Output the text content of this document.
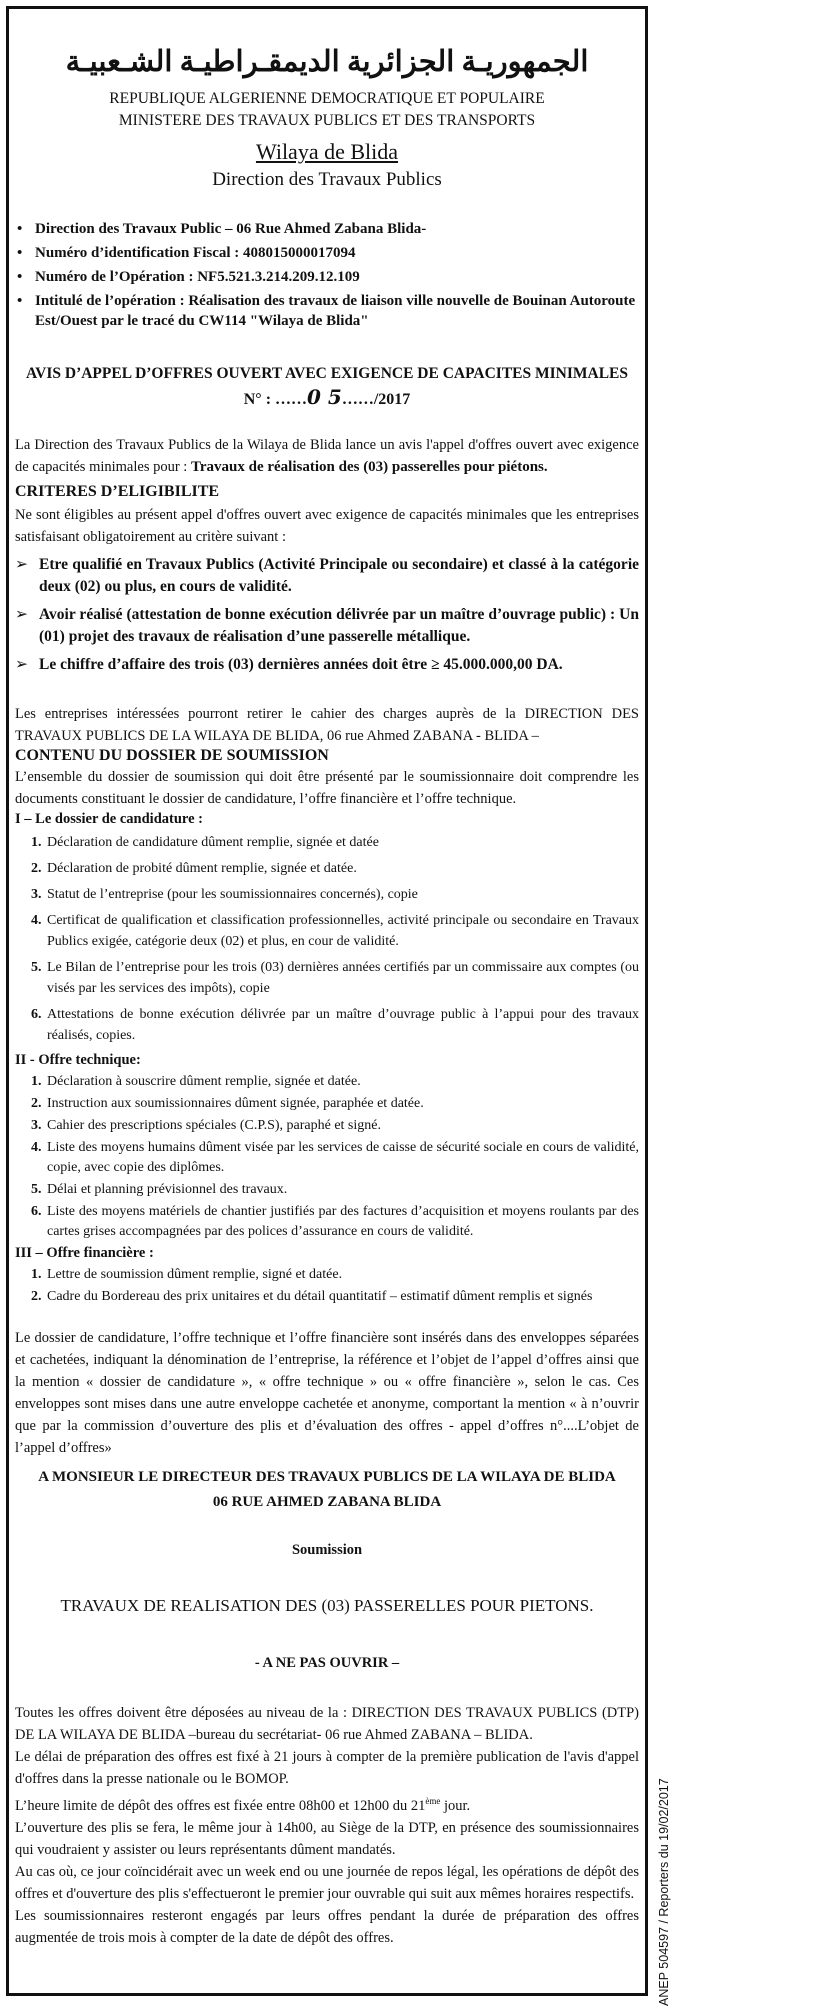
الجمهوريـة الجزائرية الديمقـراطيـة الشـعبيـة
REPUBLIQUE ALGERIENNE DEMOCRATIQUE ET POPULAIRE
MINISTERE DES TRAVAUX PUBLICS ET DES TRANSPORTS
Wilaya de Blida
Direction des Travaux Publics
• Direction des Travaux Public – 06 Rue Ahmed Zabana Blida-
• Numéro d’identification Fiscal : 408015000017094
• Numéro de l’Opération : NF5.521.3.214.209.12.109
• Intitulé de l’opération : Réalisation des travaux de liaison ville nouvelle de Bouinan Autoroute Est/Ouest par le tracé du CW114 "Wilaya de Blida"
AVIS D’APPEL D’OFFRES OUVERT AVEC EXIGENCE DE CAPACITES MINIMALES
N° : ……0 5……/2017
La Direction des Travaux Publics de la Wilaya de Blida lance un avis l'appel d'offres ouvert avec exigence de capacités minimales pour : Travaux de réalisation des (03) passerelles pour piétons.
CRITERES D’ELIGIBILITE
Ne sont éligibles au présent appel d'offres ouvert avec exigence de capacités minimales que les entreprises satisfaisant obligatoirement au critère suivant :
➢ Etre qualifié en Travaux Publics (Activité Principale ou secondaire) et classé à la catégorie deux (02) ou plus, en cours de validité.
➢ Avoir réalisé (attestation de bonne exécution délivrée par un maître d’ouvrage public) : Un (01) projet des travaux de réalisation d’une passerelle métallique.
➢ Le chiffre d’affaire des trois (03) dernières années doit être ≥ 45.000.000,00 DA.
Les entreprises intéressées pourront retirer le cahier des charges auprès de la DIRECTION DES TRAVAUX PUBLICS DE LA WILAYA DE BLIDA, 06 rue Ahmed ZABANA - BLIDA –
CONTENU DU DOSSIER DE SOUMISSION
L’ensemble du dossier de soumission qui doit être présenté par le soumissionnaire doit comprendre les documents constituant le dossier de candidature, l’offre financière et l’offre technique.
I – Le dossier de candidature :
1. Déclaration de candidature dûment remplie, signée et datée
2. Déclaration de probité dûment remplie, signée et datée.
3. Statut de l’entreprise (pour les soumissionnaires concernés), copie
4. Certificat de qualification et classification professionnelles, activité principale ou secondaire en Travaux Publics exigée, catégorie deux (02) et plus, en cour de validité.
5. Le Bilan de l’entreprise pour les trois (03) dernières années certifiés par un commissaire aux comptes (ou visés par les services des impôts), copie
6. Attestations de bonne exécution délivrée par un maître d’ouvrage public à l’appui pour des travaux réalisés, copies.
II - Offre technique:
1. Déclaration à souscrire dûment remplie, signée et datée.
2. Instruction aux soumissionnaires dûment signée, paraphée et datée.
3. Cahier des prescriptions spéciales (C.P.S), paraphé et signé.
4. Liste des moyens humains dûment visée par les services de caisse de sécurité sociale en cours de validité, copie, avec copie des diplômes.
5. Délai et planning prévisionnel des travaux.
6. Liste des moyens matériels de chantier justifiés par des factures d’acquisition et moyens roulants par des cartes grises accompagnées par des polices d’assurance en cours de validité.
III – Offre financière :
1. Lettre de soumission dûment remplie, signé et datée.
2. Cadre du Bordereau des prix unitaires et du détail quantitatif – estimatif dûment remplis et signés
Le dossier de candidature, l’offre technique et l’offre financière sont insérés dans des enveloppes séparées et cachetées, indiquant la dénomination de l’entreprise, la référence et l’objet de l’appel d’offres ainsi que la mention « dossier de candidature », « offre technique » ou « offre financière », selon le cas. Ces enveloppes sont mises dans une autre enveloppe cachetée et anonyme, comportant la mention « à n’ouvrir que par la commission d’ouverture des plis et d’évaluation des offres - appel d’offres n°....L’objet de l’appel d’offres»
A MONSIEUR LE DIRECTEUR DES TRAVAUX PUBLICS DE LA WILAYA DE BLIDA
06 RUE AHMED ZABANA BLIDA
Soumission
TRAVAUX DE REALISATION DES (03) PASSERELLES POUR PIETONS.
- A NE PAS OUVRIR –
Toutes les offres doivent être déposées au niveau de la : DIRECTION DES TRAVAUX PUBLICS (DTP) DE LA WILAYA DE BLIDA –bureau du secrétariat- 06 rue Ahmed ZABANA – BLIDA.
Le délai de préparation des offres est fixé à 21 jours à compter de la première publication de l'avis d'appel d'offres dans la presse nationale ou le BOMOP.
L’heure limite de dépôt des offres est fixée entre 08h00 et 12h00 du 21ème jour.
L’ouverture des plis se fera, le même jour à 14h00, au Siège de la DTP, en présence des soumissionnaires qui voudraient y assister ou leurs représentants dûment mandatés.
Au cas où, ce jour coïncidérait avec un week end ou une journée de repos légal, les opérations de dépôt des offres et d'ouverture des plis s'effectueront le premier jour ouvrable qui suit aux mêmes horaires respectifs.
Les soumissionnaires resteront engagés par leurs offres pendant la durée de préparation des offres augmentée de trois mois à compter de la date de dépôt des offres.	ANEP 504597 / Reporters du 19/02/2017
